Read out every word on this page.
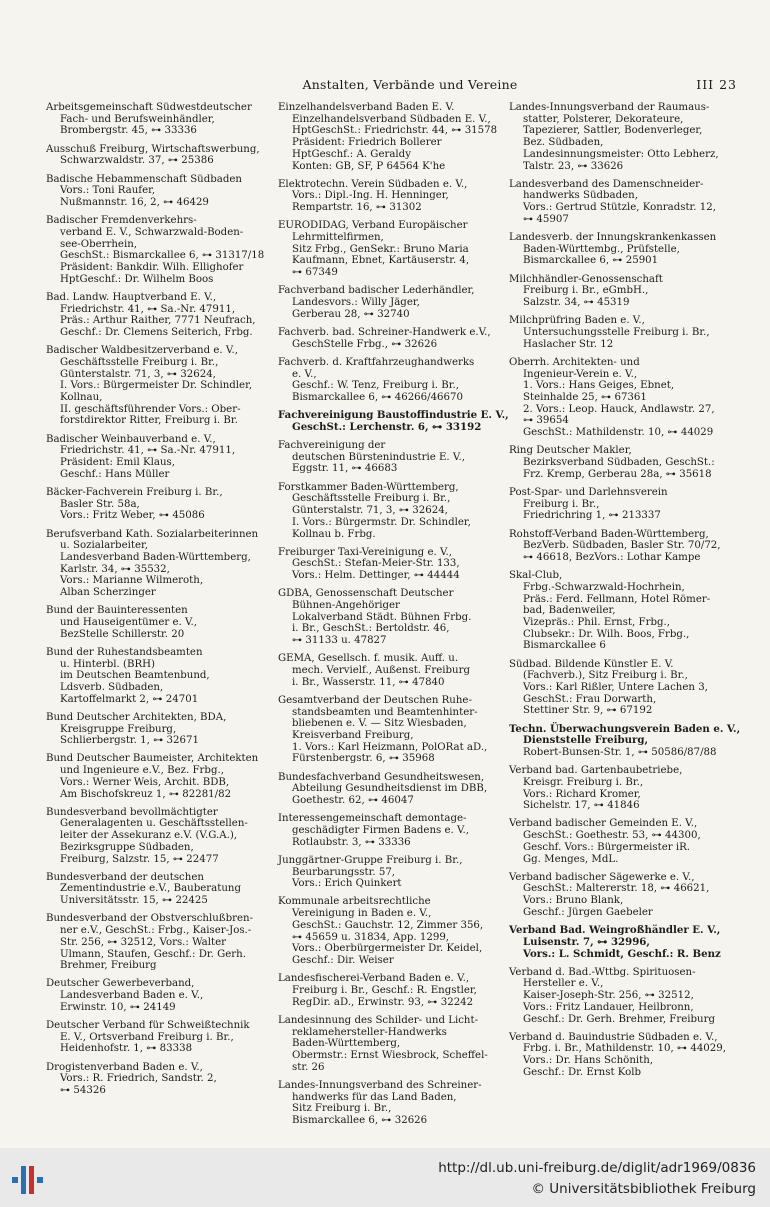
Anstalten, Verbände und Vereine	III 23
Arbeitsgemeinschaft Südwestdeutscher
Fach- und Berufsweinhändler,
Brombergstr. 45, ⊶ 33336
Ausschuß Freiburg, Wirtschaftswerbung,
Schwarzwaldstr. 37, ⊶ 25386
Badische Hebammenschaft Südbaden
Vors.: Toni Raufer,
Nußmannstr. 16, 2, ⊶ 46429
Badischer Fremdenverkehrs-
verband E. V., Schwarzwald-Boden-
see-Oberrhein,
GeschSt.: Bismarckallee 6, ⊶ 31317/18
Präsident: Bankdir. Wilh. Ellighofer
HptGeschf.: Dr. Wilhelm Boos
Bad. Landw. Hauptverband E. V.,
Friedrichstr. 41, ⊶ Sa.-Nr. 47911,
Präs.: Arthur Raither, 7771 Neufrach,
Geschf.: Dr. Clemens Seiterich, Frbg.
Badischer Waldbesitzerverband e. V.,
Geschäftsstelle Freiburg i. Br.,
Günterstalstr. 71, 3, ⊶ 32624,
I. Vors.: Bürgermeister Dr. Schindler,
Kollnau,
II. geschäftsführender Vors.: Ober-
forstdirektor Ritter, Freiburg i. Br.
Badischer Weinbauverband e. V.,
Friedrichstr. 41, ⊶ Sa.-Nr. 47911,
Präsident: Emil Klaus,
Geschf.: Hans Müller
Bäcker-Fachverein Freiburg i. Br.,
Basler Str. 58a,
Vors.: Fritz Weber, ⊶ 45086
Berufsverband Kath. Sozialarbeiterinnen
u. Sozialarbeiter,
Landesverband Baden-Württemberg,
Karlstr. 34, ⊶ 35532,
Vors.: Marianne Wilmeroth,
Alban Scherzinger
Bund der Bauinteressenten
und Hauseigentümer e. V.,
BezStelle Schillerstr. 20
Bund der Ruhestandsbeamten
u. Hinterbl. (BRH)
im Deutschen Beamtenbund,
Ldsverb. Südbaden,
Kartoffelmarkt 2, ⊶ 24701
Bund Deutscher Architekten, BDA,
Kreisgruppe Freiburg,
Schlierbergstr. 1, ⊶ 32671
Bund Deutscher Baumeister, Architekten
und Ingenieure e.V., Bez. Frbg.,
Vors.: Werner Weis, Archit. BDB,
Am Bischofskreuz 1, ⊶ 82281/82
Bundesverband bevollmächtigter
Generalagenten u. Geschäftsstellen-
leiter der Assekuranz e.V. (V.G.A.),
Bezirksgruppe Südbaden,
Freiburg, Salzstr. 15, ⊶ 22477
Bundesverband der deutschen
Zementindustrie e.V., Bauberatung
Universitätsstr. 15, ⊶ 22425
Bundesverband der Obstverschlußbren-
ner e.V., GeschSt.: Frbg., Kaiser-Jos.-
Str. 256, ⊶ 32512, Vors.: Walter
Ulmann, Staufen, Geschf.: Dr. Gerh.
Brehmer, Freiburg
Deutscher Gewerbeverband,
Landesverband Baden e. V.,
Erwinstr. 10, ⊶ 24149
Deutscher Verband für Schweißtechnik
E. V., Ortsverband Freiburg i. Br.,
Heidenhofstr. 1, ⊶ 83338
Drogistenverband Baden e. V.,
Vors.: R. Friedrich, Sandstr. 2,
⊶ 54326
Einzelhandelsverband Baden E. V.
Einzelhandelsverband Südbaden E. V.,
HptGeschSt.: Friedrichstr. 44, ⊶ 31578
Präsident: Friedrich Bollerer
HptGeschf.: A. Geraldy
Konten: GB, SF, P 64564 K'he
Elektrotechn. Verein Südbaden e. V.,
Vors.: Dipl.-Ing. H. Henninger,
Rempartstr. 16, ⊶ 31302
EURODIDAG, Verband Europäischer
Lehrmittelfirmen,
Sitz Frbg., GenSekr.: Bruno Maria
Kaufmann, Ebnet, Kartäuserstr. 4,
⊶ 67349
Fachverband badischer Lederhändler,
Landesvors.: Willy Jäger,
Gerberau 28, ⊶ 32740
Fachverb. bad. Schreiner-Handwerk e.V.,
GeschStelle Frbg., ⊶ 32626
Fachverb. d. Kraftfahrzeughandwerks
e. V.,
Geschf.: W. Tenz, Freiburg i. Br.,
Bismarckallee 6, ⊶ 46266/46670
Fachvereinigung Baustoffindustrie E. V.,
GeschSt.: Lerchenstr. 6, ⊶ 33192
Fachvereinigung der
deutschen Bürstenindustrie E. V.,
Eggstr. 11, ⊶ 46683
Forstkammer Baden-Württemberg,
Geschäftsstelle Freiburg i. Br.,
Günterstalstr. 71, 3, ⊶ 32624,
I. Vors.: Bürgermstr. Dr. Schindler,
Kollnau b. Frbg.
Freiburger Taxi-Vereinigung e. V.,
GeschSt.: Stefan-Meier-Str. 133,
Vors.: Helm. Dettinger, ⊶ 44444
GDBA, Genossenschaft Deutscher
Bühnen-Angehöriger
Lokalverband Städt. Bühnen Frbg.
i. Br., GeschSt.: Bertoldstr. 46,
⊶ 31133 u. 47827
GEMA, Gesellsch. f. musik. Auff. u.
mech. Vervielf., Außenst. Freiburg
i. Br., Wasserstr. 11, ⊶ 47840
Gesamtverband der Deutschen Ruhe-
standsbeamten und Beamtenhinter-
bliebenen e. V. — Sitz Wiesbaden,
Kreisverband Freiburg,
1. Vors.: Karl Heizmann, PolORat aD.,
Fürstenbergstr. 6, ⊶ 35968
Bundesfachverband Gesundheitswesen,
Abteilung Gesundheitsdienst im DBB,
Goethestr. 62, ⊶ 46047
Interessengemeinschaft demontage-
geschädigter Firmen Badens e. V.,
Rotlaubstr. 3, ⊶ 33336
Junggärtner-Gruppe Freiburg i. Br.,
Beurbarungsstr. 57,
Vors.: Erich Quinkert
Kommunale arbeitsrechtliche
Vereinigung in Baden e. V.,
GeschSt.: Gauchstr. 12, Zimmer 356,
⊶ 45659 u. 31834, App. 1299,
Vors.: Oberbürgermeister Dr. Keidel,
Geschf.: Dir. Weiser
Landesfischerei-Verband Baden e. V.,
Freiburg i. Br., Geschf.: R. Engstler,
RegDir. aD., Erwinstr. 93, ⊶ 32242
Landesinnung des Schilder- und Licht-
reklamehersteller-Handwerks
Baden-Württemberg,
Obermstr.: Ernst Wiesbrock, Scheffel-
str. 26
Landes-Innungsverband des Schreiner-
handwerks für das Land Baden,
Sitz Freiburg i. Br.,
Bismarckallee 6, ⊶ 32626
Landes-Innungsverband der Raumaus-
statter, Polsterer, Dekorateure,
Tapezierer, Sattler, Bodenverleger,
Bez. Südbaden,
Landesinnungsmeister: Otto Lebherz,
Talstr. 23, ⊶ 33626
Landesverband des Damenschneider-
handwerks Südbaden,
Vors.: Gertrud Stützle, Konradstr. 12,
⊶ 45907
Landesverb. der Innungskrankenkassen
Baden-Württembg., Prüfstelle,
Bismarckallee 6, ⊶ 25901
Milchhändler-Genossenschaft
Freiburg i. Br., eGmbH.,
Salzstr. 34, ⊶ 45319
Milchprüfring Baden e. V.,
Untersuchungsstelle Freiburg i. Br.,
Haslacher Str. 12
Oberrh. Architekten- und
Ingenieur-Verein e. V.,
1. Vors.: Hans Geiges, Ebnet,
Steinhalde 25, ⊶ 67361
2. Vors.: Leop. Hauck, Andlawstr. 27,
⊶ 39654
GeschSt.: Mathildenstr. 10, ⊶ 44029
Ring Deutscher Makler,
Bezirksverband Südbaden, GeschSt.:
Frz. Kremp, Gerberau 28a, ⊶ 35618
Post-Spar- und Darlehnsverein
Freiburg i. Br.,
Friedrichring 1, ⊶ 213337
Rohstoff-Verband Baden-Württemberg,
BezVerb. Südbaden, Basler Str. 70/72,
⊶ 46618, BezVors.: Lothar Kampe
Skal-Club,
Frbg.-Schwarzwald-Hochrhein,
Präs.: Ferd. Fellmann, Hotel Römer-
bad, Badenweiler,
Vizepräs.: Phil. Ernst, Frbg.,
Clubsekr.: Dr. Wilh. Boos, Frbg.,
Bismarckallee 6
Südbad. Bildende Künstler E. V.
(Fachverb.), Sitz Freiburg i. Br.,
Vors.: Karl Rißler, Untere Lachen 3,
GeschSt.: Frau Dorwarth,
Stettiner Str. 9, ⊶ 67192
Techn. Überwachungsverein Baden e. V.,
Dienststelle Freiburg,
Robert-Bunsen-Str. 1, ⊶ 50586/87/88
Verband bad. Gartenbaubetriebe,
Kreisgr. Freiburg i. Br.,
Vors.: Richard Kromer,
Sichelstr. 17, ⊶ 41846
Verband badischer Gemeinden E. V.,
GeschSt.: Goethestr. 53, ⊶ 44300,
Geschf. Vors.: Bürgermeister iR.
Gg. Menges, MdL.
Verband badischer Sägewerke e. V.,
GeschSt.: Maltererstr. 18, ⊶ 46621,
Vors.: Bruno Blank,
Geschf.: Jürgen Gaebeler
Verband Bad. Weingroßhändler E. V.,
Luisenstr. 7, ⊶ 32996,
Vors.: L. Schmidt, Geschf.: R. Benz
Verband d. Bad.-Wttbg. Spirituosen-
Hersteller e. V.,
Kaiser-Joseph-Str. 256, ⊶ 32512,
Vors.: Fritz Landauer, Heilbronn,
Geschf.: Dr. Gerh. Brehmer, Freiburg
Verband d. Bauindustrie Südbaden e. V.,
Frbg. i. Br., Mathildenstr. 10, ⊶ 44029,
Vors.: Dr. Hans Schönith,
Geschf.: Dr. Ernst Kolb
http://dl.ub.uni-freiburg.de/diglit/adr1969/0836
© Universitätsbibliothek Freiburg
